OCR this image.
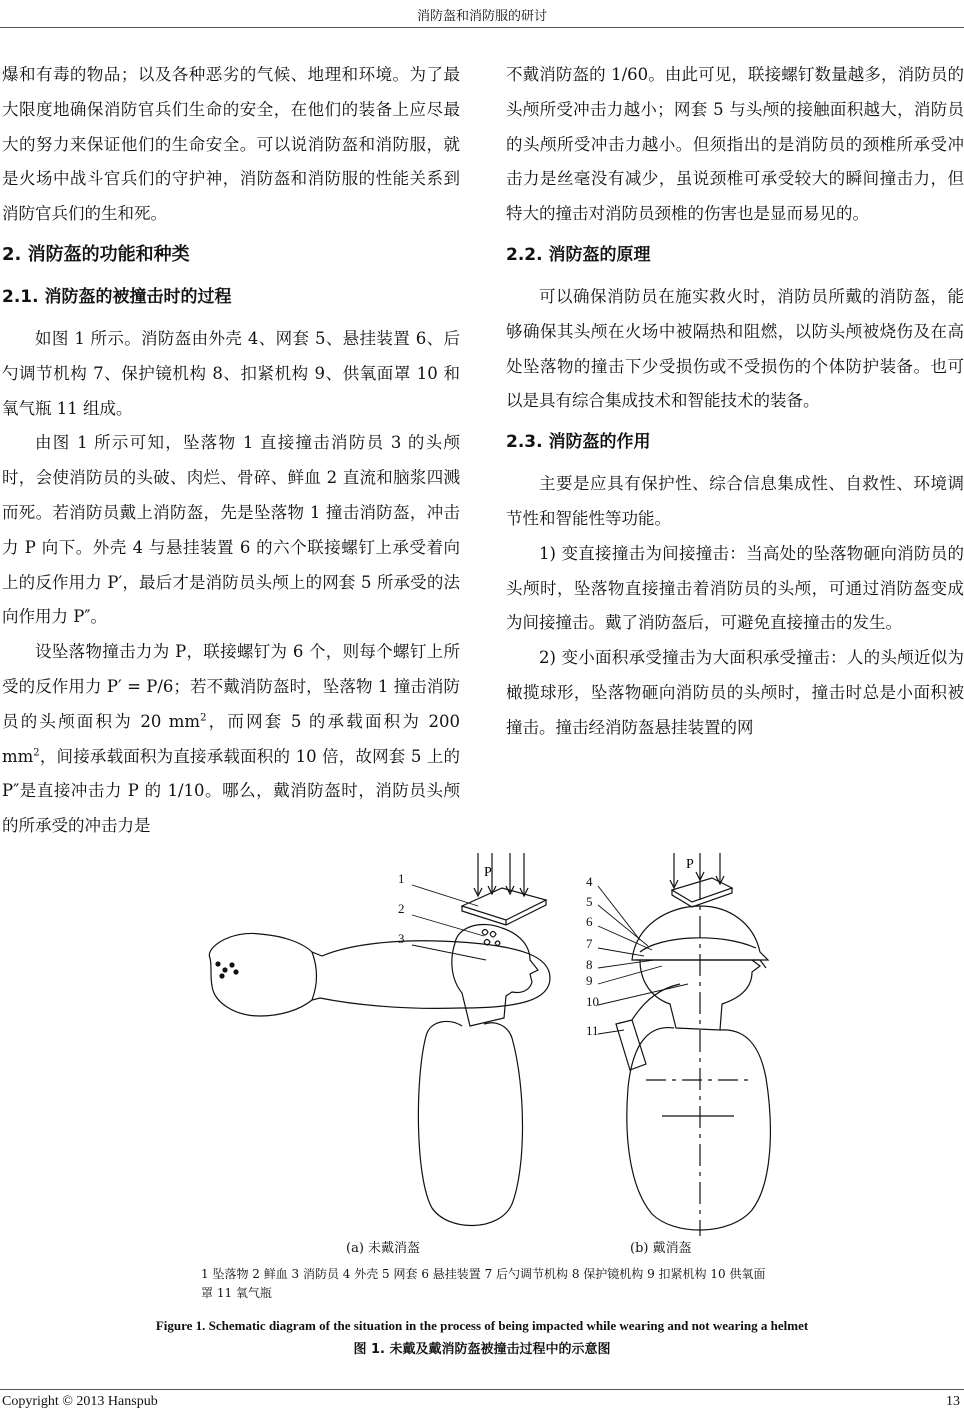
消防盔和消防服的研讨

爆和有毒的物品；以及各种恶劣的气候、地理和环境。为了最大限度地确保消防官兵们生命的安全，在他们的装备上应尽最大的努力来保证他们的生命安全。可以说消防盔和消防服，就是火场中战斗官兵们的守护神，消防盔和消防服的性能关系到消防官兵们的生和死。

2. 消防盔的功能和种类
2.1. 消防盔的被撞击时的过程

如图 1 所示。消防盔由外壳 4、网套 5、悬挂装置 6、后勺调节机构 7、保护镜机构 8、扣紧机构 9、供氧面罩 10 和氧气瓶 11 组成。

由图 1 所示可知，坠落物 1 直接撞击消防员 3 的头颅时，会使消防员的头破、肉烂、骨碎、鲜血 2 直流和脑浆四溅而死。若消防员戴上消防盔，先是坠落物 1 撞击消防盔，冲击力 P 向下。外壳 4 与悬挂装置 6 的六个联接螺钉上承受着向上的反作用力 P′，最后才是消防员头颅上的网套 5 所承受的法向作用力 P″。

设坠落物撞击力为 P，联接螺钉为 6 个，则每个螺钉上所受的反作用力 P′ = P/6；若不戴消防盔时，坠落物 1 撞击消防员的头颅面积为 20 $mm^2$，而网套 5 的承载面积为 200 $mm^2$，间接承载面积为直接承载面积的 10 倍，故网套 5 上的 P″是直接冲击力 P 的 1/10。哪么，戴消防盔时，消防员头颅的所承受的冲击力是

不戴消防盔的 1/60。由此可见，联接螺钉数量越多，消防员的头颅所受冲击力越小；网套 5 与头颅的接触面积越大，消防员的头颅所受冲击力越小。但须指出的是消防员的颈椎所承受冲击力是丝毫没有减少，虽说颈椎可承受较大的瞬间撞击力，但特大的撞击对消防员颈椎的伤害也是显而易见的。

2.2. 消防盔的原理

可以确保消防员在施实救火时，消防员所戴的消防盔，能够确保其头颅在火场中被隔热和阻燃，以防头颅被烧伤及在高处坠落物的撞击下少受损伤或不受损伤的个体防护装备。也可以是具有综合集成技术和智能技术的装备。

2.3. 消防盔的作用

主要是应具有保护性、综合信息集成性、自救性、环境调节性和智能性等功能。

1) 变直接撞击为间接撞击：当高处的坠落物砸向消防员的头颅时，坠落物直接撞击着消防员的头颅，可通过消防盔变成为间接撞击。戴了消防盔后，可避免直接撞击的发生。

2) 变小面积承受撞击为大面积承受撞击：人的头颅近似为橄揽球形，坠落物砸向消防员的头颅时，撞击时总是小面积被撞击。撞击经消防盔悬挂装置的网

P
P
1
2
3
4
5
6
7
8
9
10
11
(a) 未戴消盔	(b) 戴消盔
1 坠落物 2 鲜血 3 消防员 4 外壳 5 网套 6 悬挂装置 7 后勺调节机构 8 保护镜机构 9 扣紧机构 10 供氧面罩 11 氧气瓶
Figure 1. Schematic diagram of the situation in the process of being impacted while wearing and not wearing a helmet
图 1. 未戴及戴消防盔被撞击过程中的示意图
Copyright © 2013 Hanspub	13
